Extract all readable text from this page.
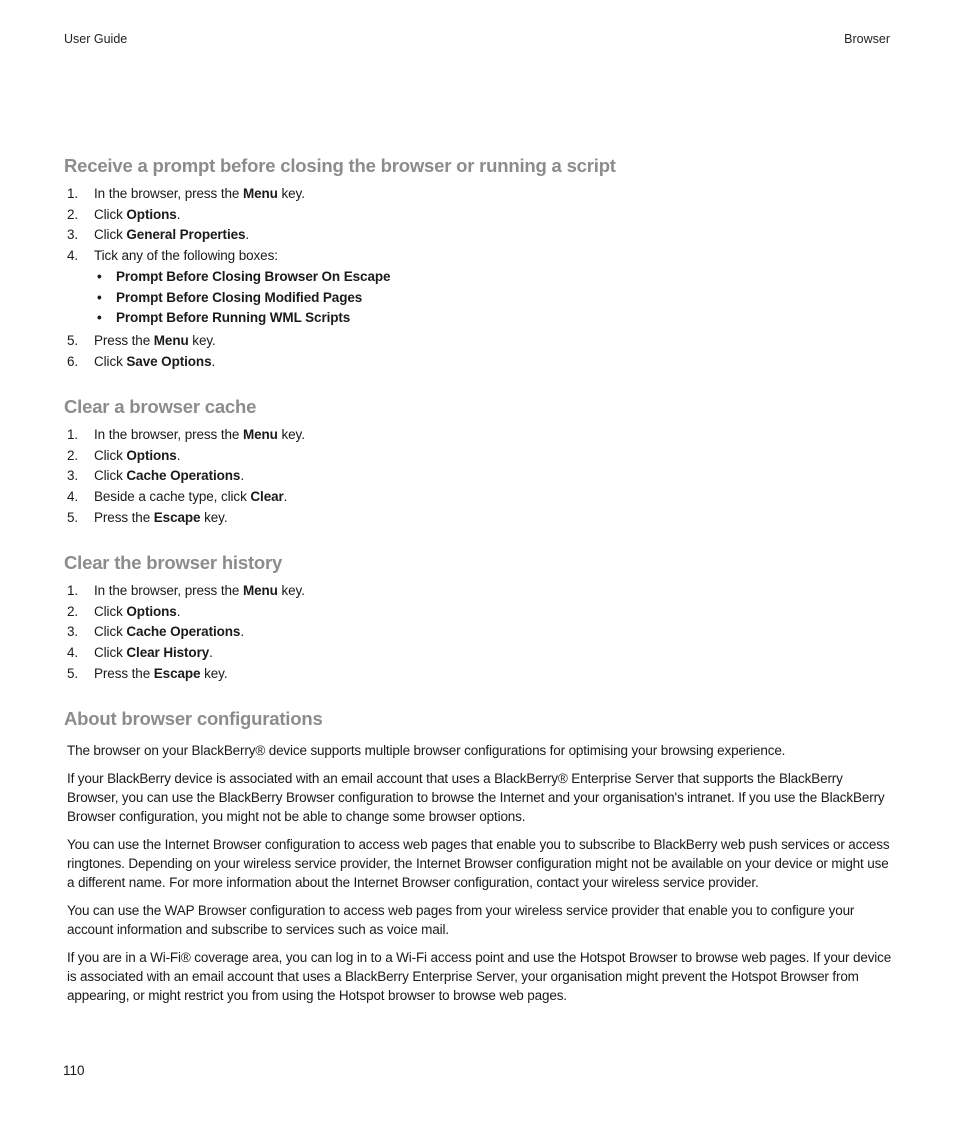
User Guide	Browser
Receive a prompt before closing the browser or running a script
1. In the browser, press the Menu key.
2. Click Options.
3. Click General Properties.
4. Tick any of the following boxes:
• Prompt Before Closing Browser On Escape
• Prompt Before Closing Modified Pages
• Prompt Before Running WML Scripts
5. Press the Menu key.
6. Click Save Options.
Clear a browser cache
1. In the browser, press the Menu key.
2. Click Options.
3. Click Cache Operations.
4. Beside a cache type, click Clear.
5. Press the Escape key.
Clear the browser history
1. In the browser, press the Menu key.
2. Click Options.
3. Click Cache Operations.
4. Click Clear History.
5. Press the Escape key.
About browser configurations

The browser on your BlackBerry® device supports multiple browser configurations for optimising your browsing experience.

If your BlackBerry device is associated with an email account that uses a BlackBerry® Enterprise Server that supports the BlackBerry Browser, you can use the BlackBerry Browser configuration to browse the Internet and your organisation's intranet. If you use the BlackBerry Browser configuration, you might not be able to change some browser options.

You can use the Internet Browser configuration to access web pages that enable you to subscribe to BlackBerry web push services or access ringtones. Depending on your wireless service provider, the Internet Browser configuration might not be available on your device or might use a different name. For more information about the Internet Browser configuration, contact your wireless service provider.

You can use the WAP Browser configuration to access web pages from your wireless service provider that enable you to configure your account information and subscribe to services such as voice mail.

If you are in a Wi-Fi® coverage area, you can log in to a Wi-Fi access point and use the Hotspot Browser to browse web pages. If your device is associated with an email account that uses a BlackBerry Enterprise Server, your organisation might prevent the Hotspot Browser from appearing, or might restrict you from using the Hotspot browser to browse web pages.

110
